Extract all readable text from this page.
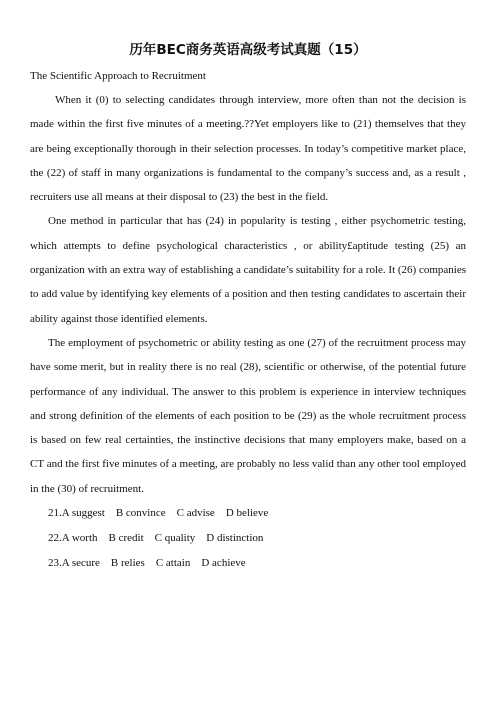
历年BEC商务英语高级考试真题（15）
The Scientific Approach to Recruitment

When it (0) to selecting candidates through interview, more often than not the decision is made within the first five minutes of a meeting.??Yet employers like to (21) themselves that they are being exceptionally thorough in their selection processes. In today’s competitive market place, the (22) of staff in many organizations is fundamental to the company’s success and, as a result , recruiters use all means at their disposal to (23) the best in the field.

One method in particular that has (24) in popularity is testing , either psychometric testing, which attempts to define psychological characteristics , or ability£aptitude testing (25) an organization with an extra way of establishing a candidate’s suitability for a role. It (26) companies to add value by identifying key elements of a position and then testing candidates to ascertain their ability against those identified elements.

The employment of psychometric or ability testing as one (27) of the recruitment process may have some merit, but in reality there is no real (28), scientific or otherwise, of the potential future performance of any individual. The answer to this problem is experience in interview techniques and strong definition of the elements of each position to be (29) as the whole recruitment process is based on few real certainties, the instinctive decisions that many employers make, based on a CT and the first five minutes of a meeting, are probably no less valid than any other tool employed in the (30) of recruitment.

21.A suggest    B convince    C advise    D believe
22.A worth    B credit    C quality    D distinction
23.A secure    B relies    C attain    D achieve
